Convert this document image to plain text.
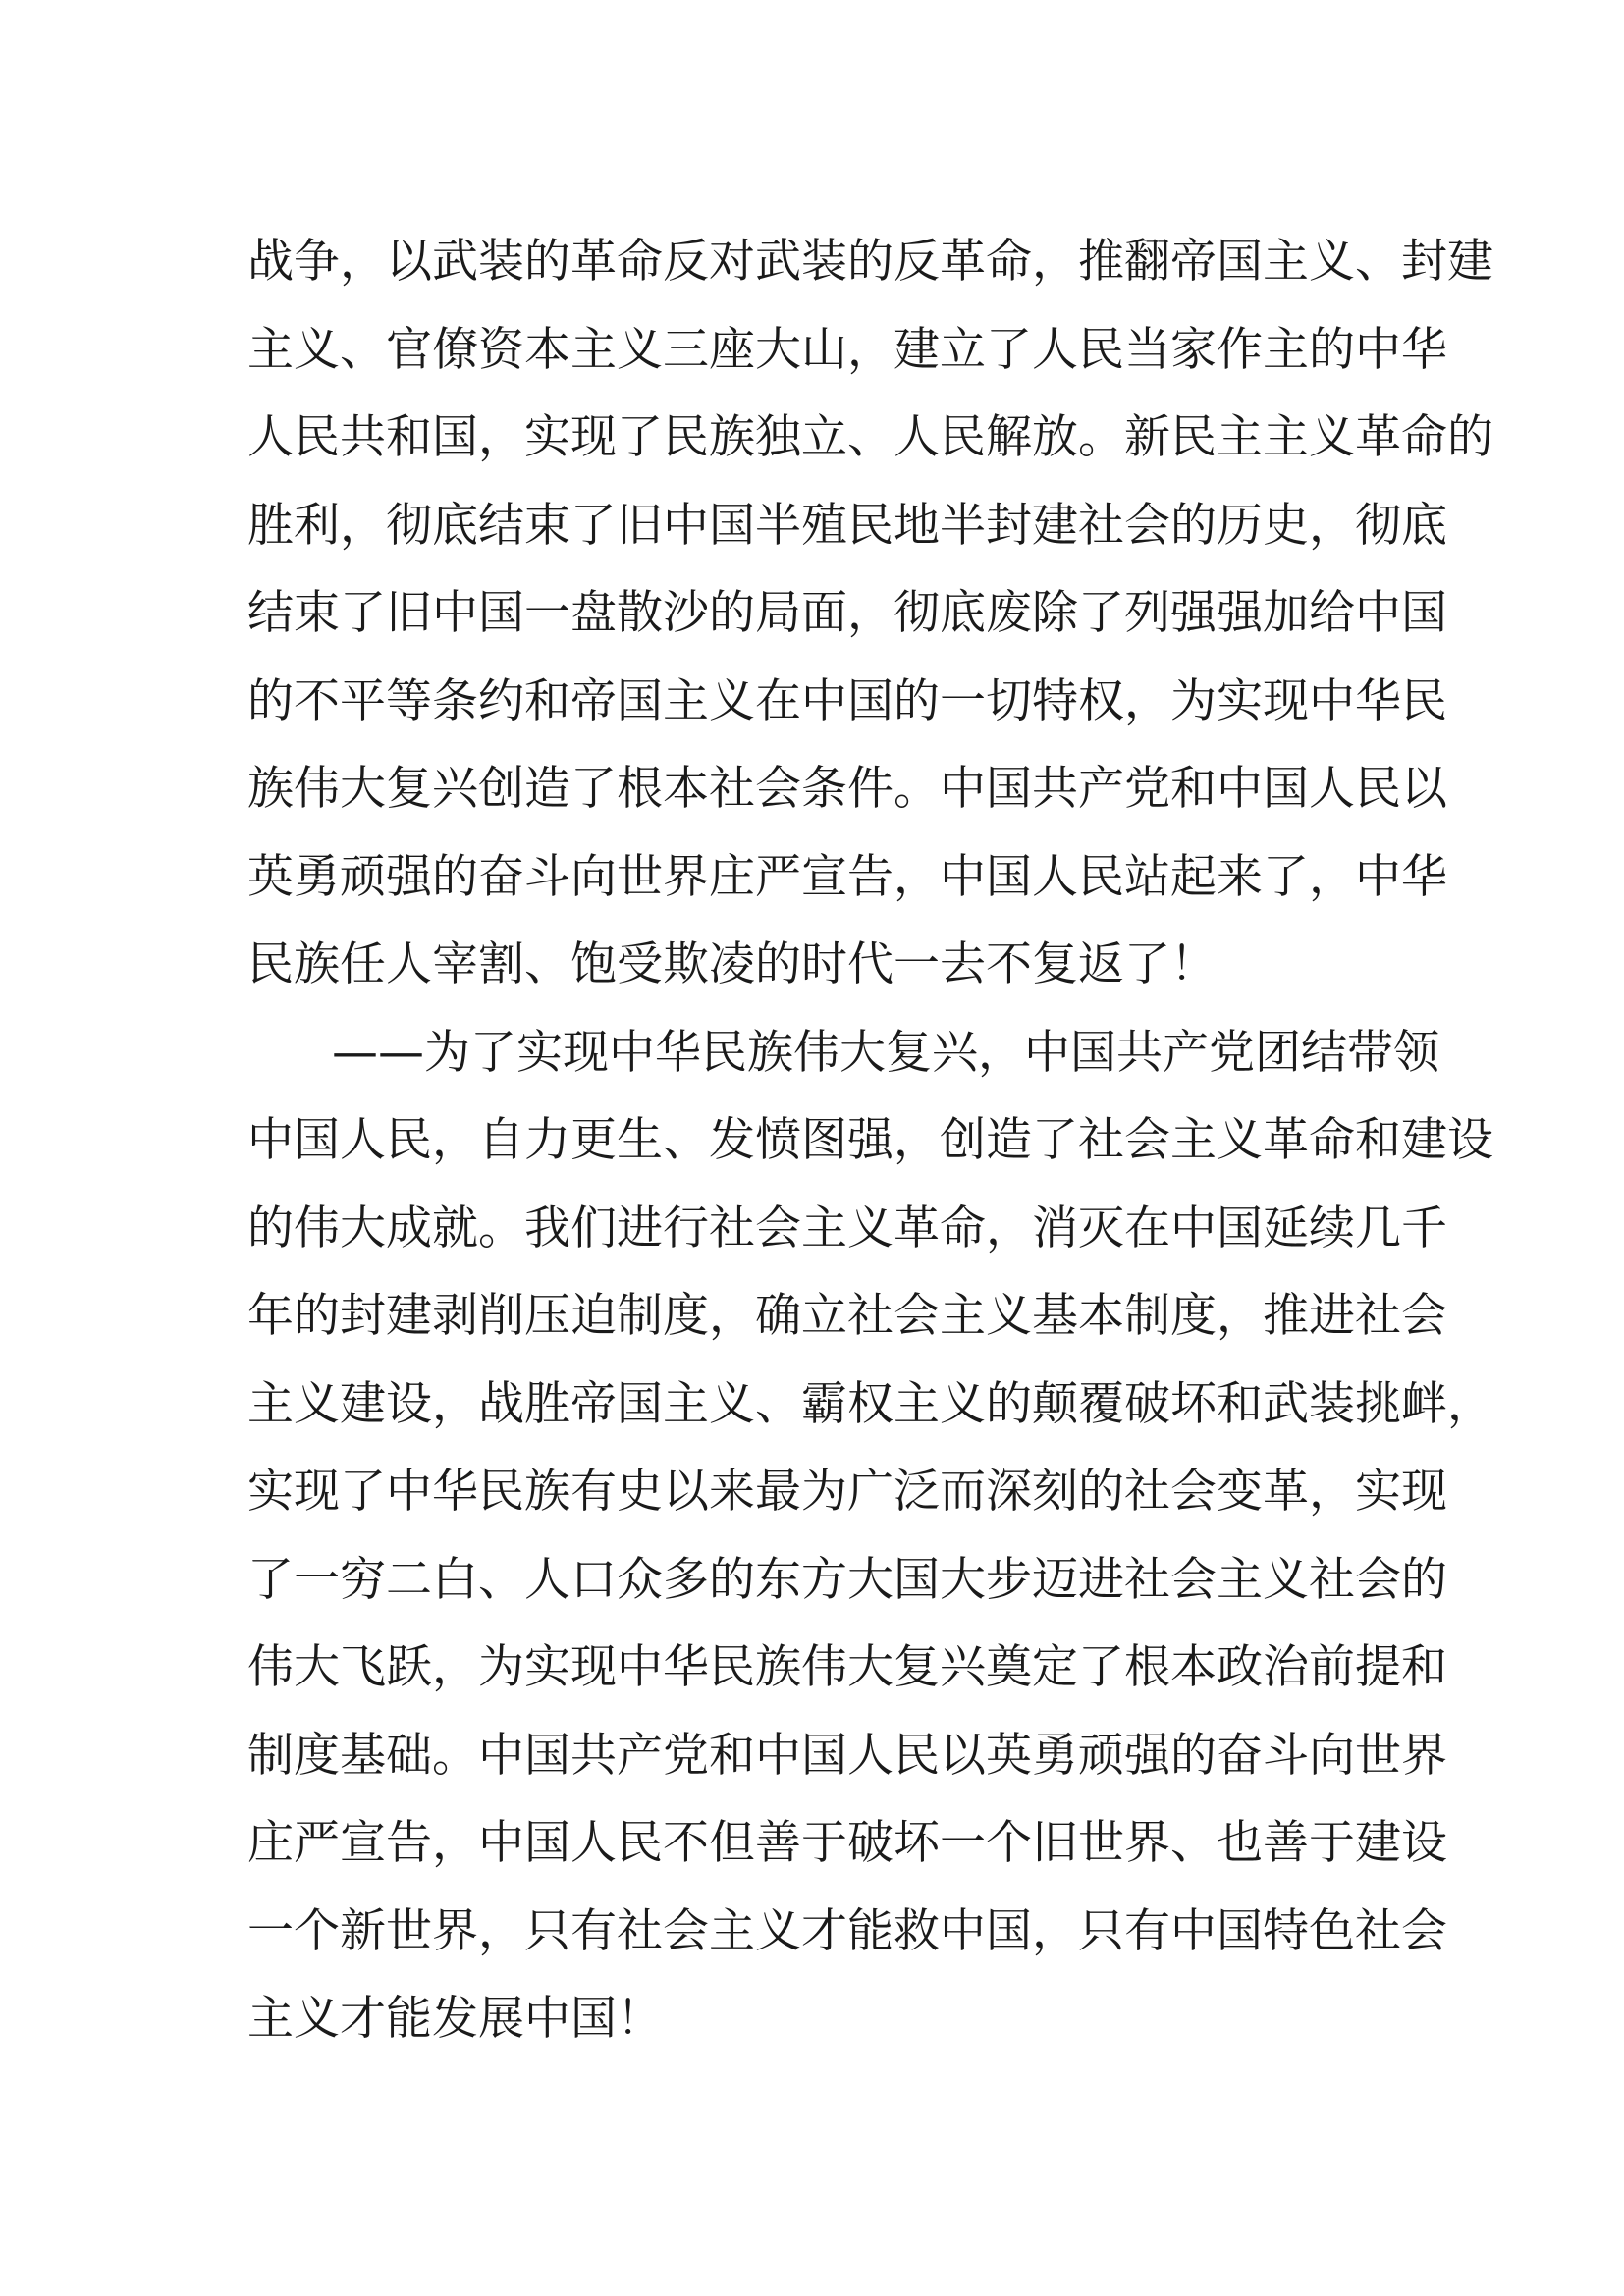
战争，以武装的革命反对武装的反革命，推翻帝国主义、封建
主义、官僚资本主义三座大山，建立了人民当家作主的中华
人民共和国，实现了民族独立、人民解放。新民主主义革命的
胜利，彻底结束了旧中国半殖民地半封建社会的历史，彻底
结束了旧中国一盘散沙的局面，彻底废除了列强强加给中国
的不平等条约和帝国主义在中国的一切特权，为实现中华民
族伟大复兴创造了根本社会条件。中国共产党和中国人民以
英勇顽强的奋斗向世界庄严宣告，中国人民站起来了，中华
民族任人宰割、饱受欺凌的时代一去不复返了！
——为了实现中华民族伟大复兴，中国共产党团结带领
中国人民，自力更生、发愤图强，创造了社会主义革命和建设
的伟大成就。我们进行社会主义革命，消灭在中国延续几千
年的封建剥削压迫制度，确立社会主义基本制度，推进社会
主义建设，战胜帝国主义、霸权主义的颠覆破坏和武装挑衅，
实现了中华民族有史以来最为广泛而深刻的社会变革，实现
了一穷二白、人口众多的东方大国大步迈进社会主义社会的
伟大飞跃，为实现中华民族伟大复兴奠定了根本政治前提和
制度基础。中国共产党和中国人民以英勇顽强的奋斗向世界
庄严宣告，中国人民不但善于破坏一个旧世界、也善于建设
一个新世界，只有社会主义才能救中国，只有中国特色社会
主义才能发展中国！
